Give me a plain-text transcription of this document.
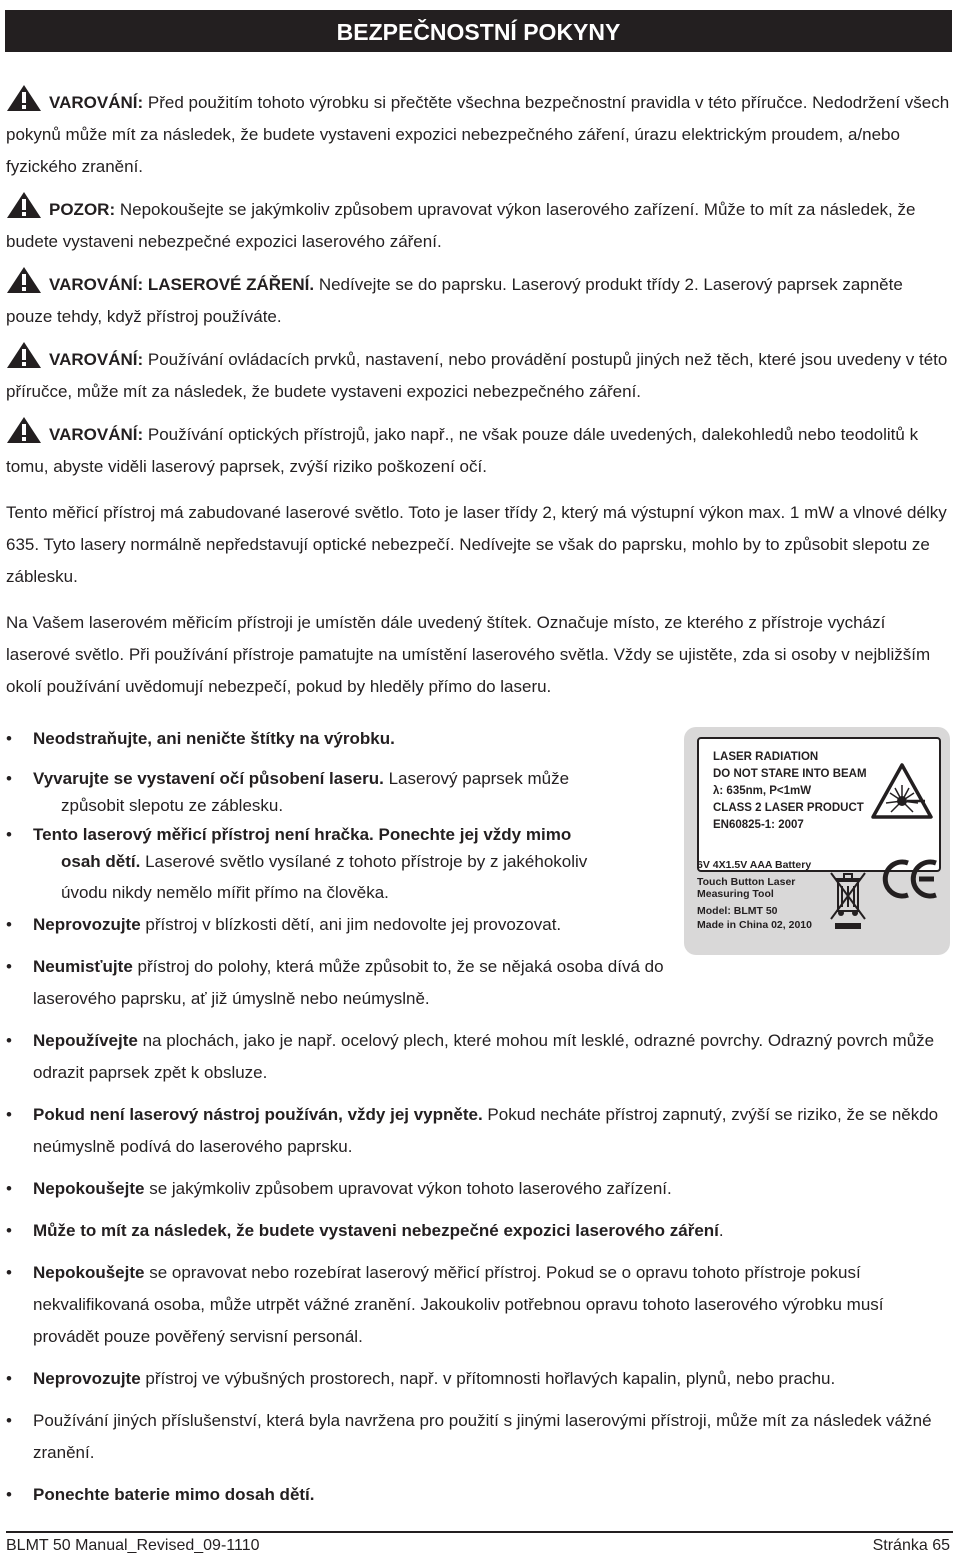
BEZPEČNOSTNÍ POKYNY
VAROVÁNÍ: Před použitím tohoto výrobku si přečtěte všechna bezpečnostní pravidla v této příručce. Nedodržení všech pokynů může mít za následek, že budete vystaveni expozici nebezpečného záření, úrazu elektrickým proudem, a/nebo fyzického zranění.
POZOR: Nepokoušejte se jakýmkoliv způsobem upravovat výkon laserového zařízení. Může to mít za následek, že budete vystaveni nebezpečné expozici laserového záření.
VAROVÁNÍ: LASEROVÉ ZÁŘENÍ. Nedívejte se do paprsku. Laserový produkt třídy 2. Laserový paprsek zapněte pouze tehdy, když přístroj používáte.
VAROVÁNÍ: Používání ovládacích prvků, nastavení, nebo provádění postupů jiných než těch, které jsou uvedeny v této příručce, může mít za následek, že budete vystaveni expozici nebezpečného záření.
VAROVÁNÍ: Používání optických přístrojů, jako např., ne však pouze dále uvedených, dalekohledů nebo teodolitů k tomu, abyste viděli laserový paprsek, zvýší riziko poškození očí.
Tento měřicí přístroj má zabudované laserové světlo. Toto je laser třídy 2, který má výstupní výkon max. 1 mW a vlnové délky 635. Tyto lasery normálně nepředstavují optické nebezpečí. Nedívejte se však do paprsku, mohlo by to způsobit slepotu ze záblesku.
Na Vašem laserovém měřicím přístroji je umístěn dále uvedený štítek. Označuje místo, ze kterého z přístroje vychází laserové světlo. Při používání přístroje pamatujte na umístění laserového světla. Vždy se ujistěte, zda si osoby v nejbližším okolí používání uvědomují nebezpečí, pokud by hleděly přímo do laseru.
• Neodstraňujte, ani neničte štítky na výrobku.
• Vyvarujte se vystavení očí působení laseru. Laserový paprsek může
způsobit slepotu ze záblesku.
• Tento laserový měřicí přístroj není hračka. Ponechte jej vždy mimo
osah dětí. Laserové světlo vysílané z tohoto přístroje by z jakéhokoliv
úvodu nikdy nemělo mířit přímo na člověka.
• Neprovozujte přístroj v blízkosti dětí, ani jim nedovolte jej provozovat.
• Neumisťujte přístroj do polohy, která může způsobit to, že se nějaká osoba dívá do laserového paprsku, ať již úmyslně nebo neúmyslně.
• Nepoužívejte na plochách, jako je např. ocelový plech, které mohou mít lesklé, odrazné povrchy. Odrazný povrch může odrazit paprsek zpět k obsluze.
• Pokud není laserový nástroj používán, vždy jej vypněte. Pokud necháte přístroj zapnutý, zvýší se riziko, že se někdo neúmyslně podívá do laserového paprsku.
• Nepokoušejte se jakýmkoliv způsobem upravovat výkon tohoto laserového zařízení.
• Může to mít za následek, že budete vystaveni nebezpečné expozici laserového záření.
• Nepokoušejte se opravovat nebo rozebírat laserový měřicí přístroj. Pokud se o opravu tohoto přístroje pokusí nekvalifikovaná osoba, může utrpět vážné zranění. Jakoukoliv potřebnou opravu tohoto laserového výrobku musí provádět pouze pověřený servisní personál.
• Neprovozujte přístroj ve výbušných prostorech, např. v přítomnosti hořlavých kapalin, plynů, nebo prachu.
• Používání jiných příslušenství, která byla navržena pro použití s jinými laserovými přístroji, může mít za následek vážné zranění.
• Ponechte baterie mimo dosah dětí.
LASER RADIATION
DO NOT STARE INTO BEAM
λ: 635nm, P<1mW
CLASS 2 LASER PRODUCT
EN60825-1: 2007
6V 4X1.5V AAA Battery
Touch Button Laser
Measuring Tool
Model: BLMT 50
Made in China 02, 2010
BLMT 50 Manual_Revised_09-1110	Stránka 65
